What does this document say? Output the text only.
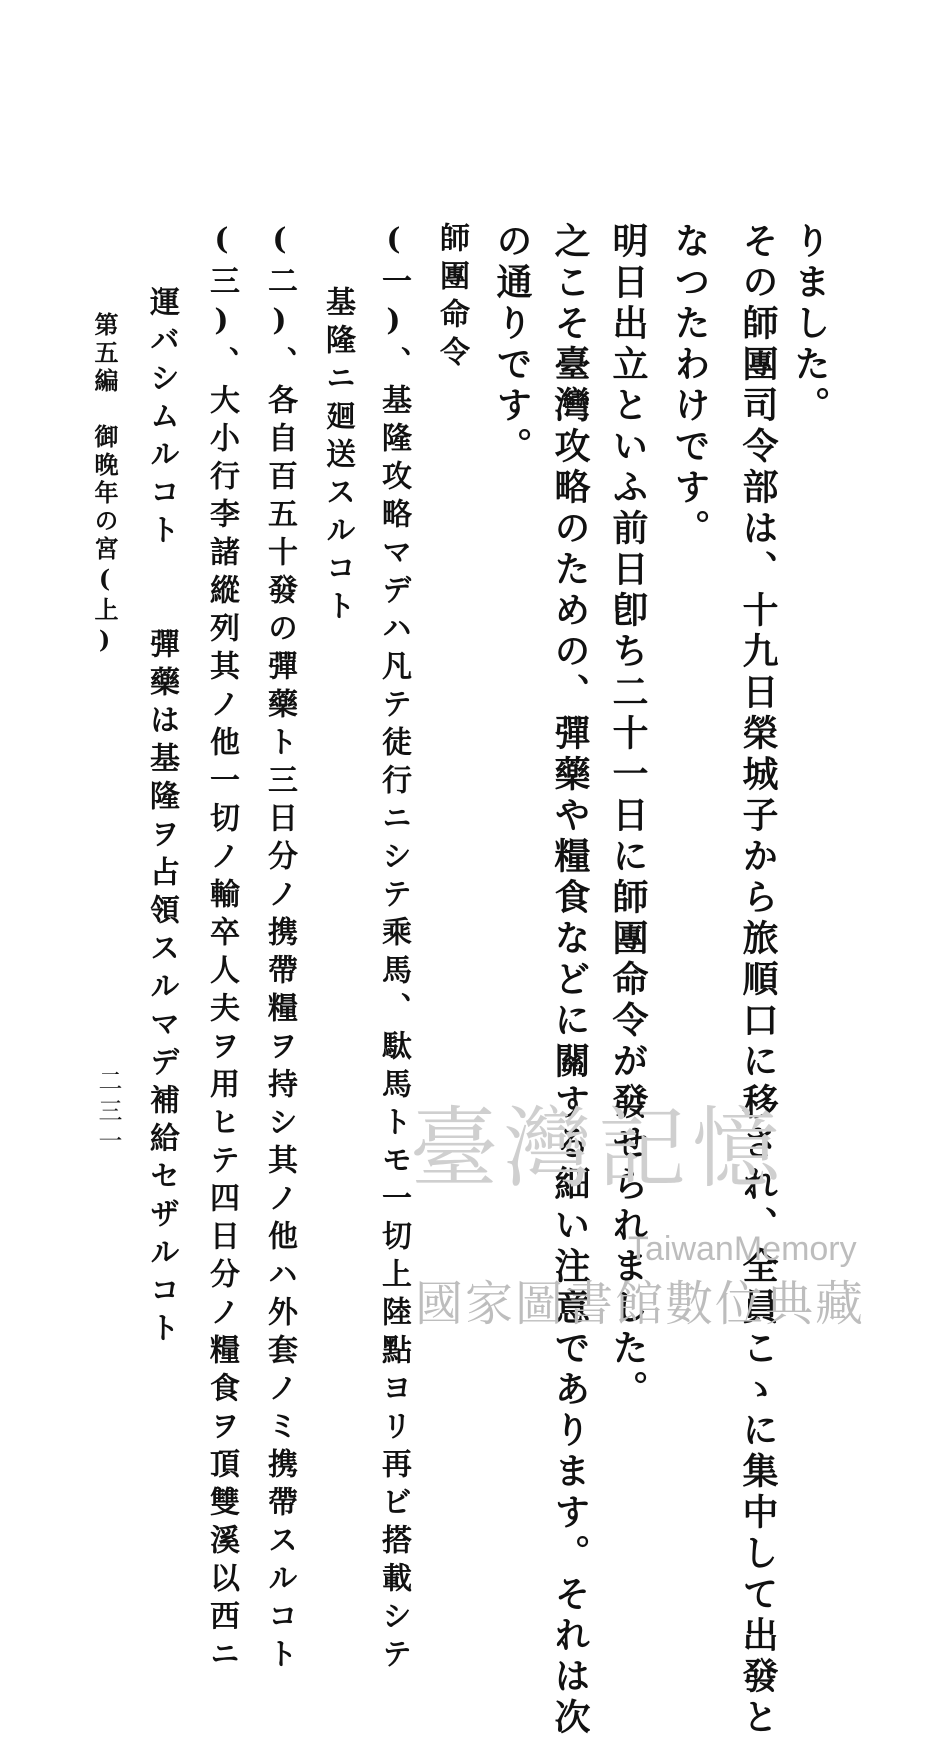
りました。
その師團司令部は、十九日榮城子から旅順口に移され、全員こゝに集中して出發と
なつたわけです。
明日出立といふ前日卽ち二十一日に師團命令が發せられました。
之こそ臺灣攻略のための、彈藥や糧食などに關する細い注意であります。それは次
の通りです。
師團命令
(一)、基隆攻略マデハ凡テ徒行ニシテ乘馬、駄馬トモ一切上陸點ヨリ再ビ搭載シテ
基隆ニ廻送スルコト
(二)、各自百五十發の彈藥ト三日分ノ携帶糧ヲ持シ其ノ他ハ外套ノミ携帶スルコト
(三)、大小行李諸縱列其ノ他一切ノ輸卒人夫ヲ用ヒテ四日分ノ糧食ヲ頂雙溪以西ニ
運バシムルコト　　彈藥は基隆ヲ占領スルマデ補給セザルコト
第五編　御晚年の宮(上)
二三一	臺灣記憶
TaiwanMemory
國家圖書館數位典藏
